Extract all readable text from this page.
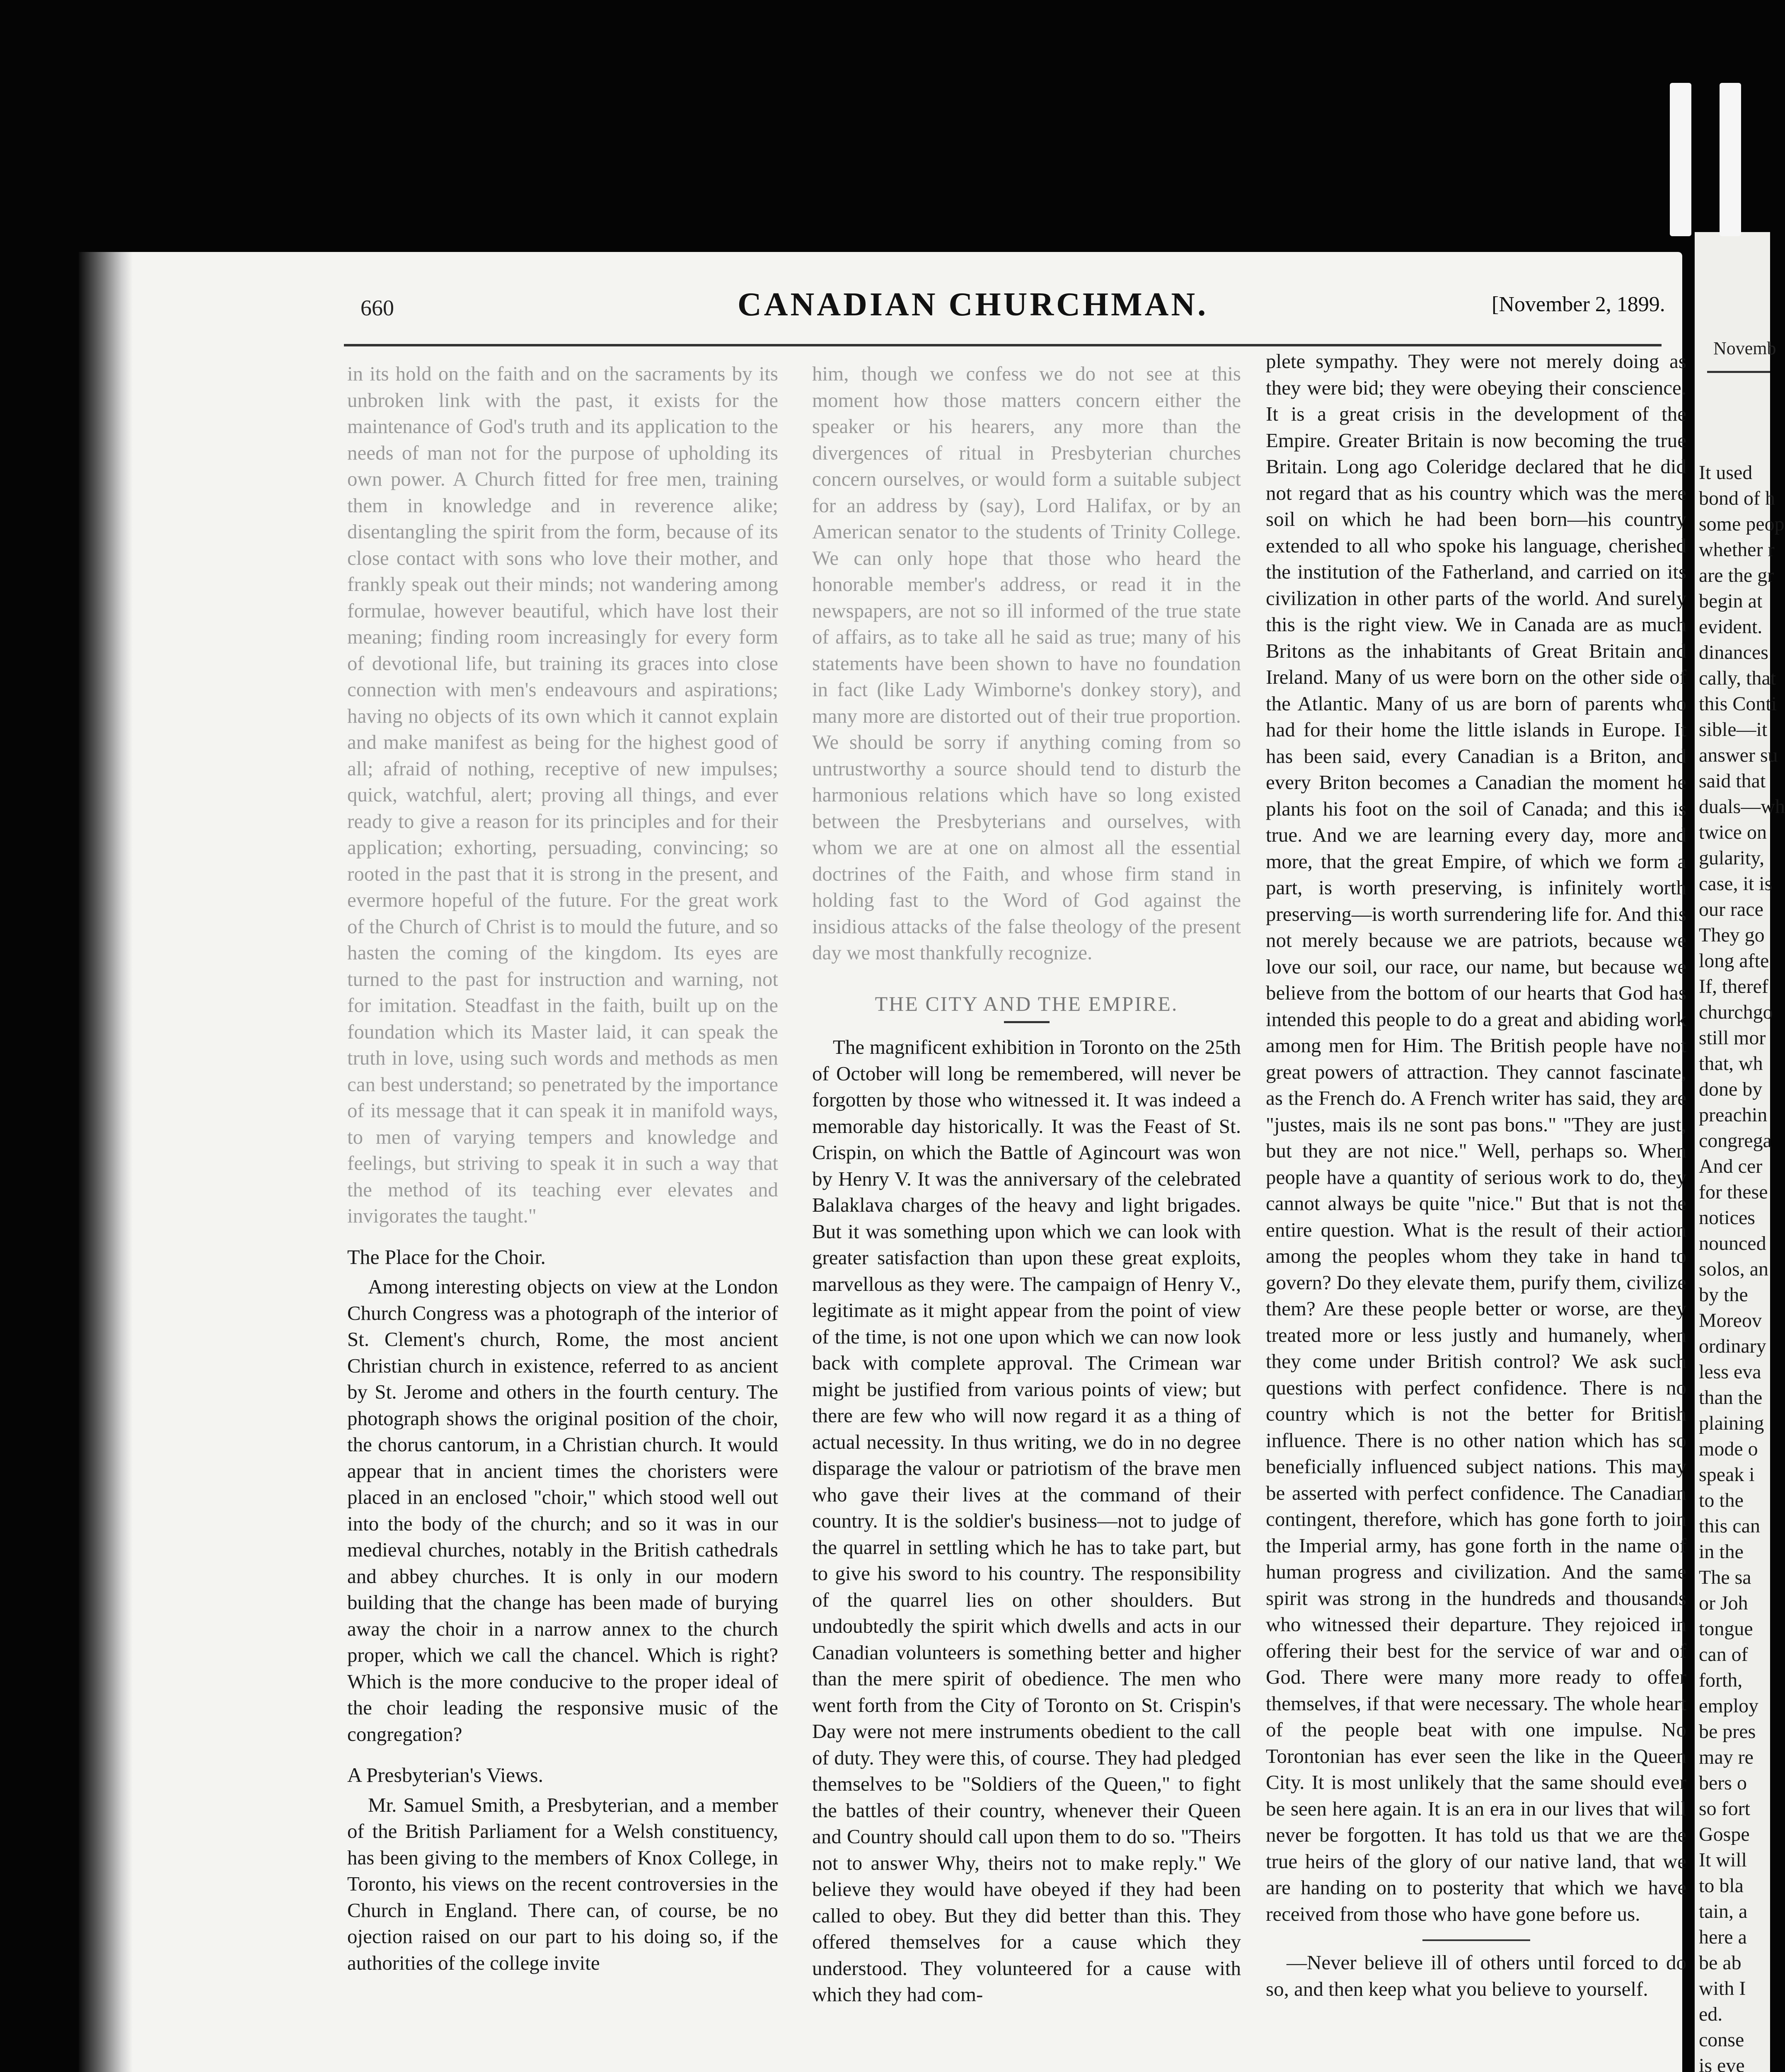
660	CANADIAN CHURCHMAN.	[November 2, 1899.

in its hold on the faith and on the sacraments by its unbroken link with the past, it exists for the maintenance of God's truth and its application to the needs of man not for the purpose of upholding its own power. A Church fitted for free men, training them in knowledge and in reverence alike; disentangling the spirit from the form, because of its close contact with sons who love their mother, and frankly speak out their minds; not wandering among formulae, however beautiful, which have lost their meaning; finding room increasingly for every form of devotional life, but training its graces into close connection with men's endeavours and aspirations; having no objects of its own which it cannot explain and make manifest as being for the highest good of all; afraid of nothing, receptive of new impulses; quick, watchful, alert; proving all things, and ever ready to give a reason for its principles and for their application; exhorting, persuading, convincing; so rooted in the past that it is strong in the present, and evermore hopeful of the future. For the great work of the Church of Christ is to mould the future, and so hasten the coming of the kingdom. Its eyes are turned to the past for instruction and warning, not for imitation. Steadfast in the faith, built up on the foundation which its Master laid, it can speak the truth in love, using such words and methods as men can best understand; so penetrated by the importance of its message that it can speak it in manifold ways, to men of varying tempers and knowledge and feelings, but striving to speak it in such a way that the method of its teaching ever elevates and invigorates the taught."

The Place for the Choir.

Among interesting objects on view at the London Church Congress was a photograph of the interior of St. Clement's church, Rome, the most ancient Christian church in existence, referred to as ancient by St. Jerome and others in the fourth century. The photograph shows the original position of the choir, the chorus cantorum, in a Christian church. It would appear that in ancient times the choristers were placed in an enclosed "choir," which stood well out into the body of the church; and so it was in our medieval churches, notably in the British cathedrals and abbey churches. It is only in our modern building that the change has been made of burying away the choir in a narrow annex to the church proper, which we call the chancel. Which is right? Which is the more conducive to the proper ideal of the choir leading the responsive music of the congregation?

A Presbyterian's Views.

Mr. Samuel Smith, a Presbyterian, and a member of the British Parliament for a Welsh constituency, has been giving to the members of Knox College, in Toronto, his views on the recent controversies in the Church in England. There can, of course, be no ojection raised on our part to his doing so, if the authorities of the college invite

him, though we confess we do not see at this moment how those matters concern either the speaker or his hearers, any more than the divergences of ritual in Presbyterian churches concern ourselves, or would form a suitable subject for an address by (say), Lord Halifax, or by an American senator to the students of Trinity College. We can only hope that those who heard the honorable member's address, or read it in the newspapers, are not so ill informed of the true state of affairs, as to take all he said as true; many of his statements have been shown to have no foundation in fact (like Lady Wimborne's donkey story), and many more are distorted out of their true proportion. We should be sorry if anything coming from so untrustworthy a source should tend to disturb the harmonious relations which have so long existed between the Presbyterians and ourselves, with whom we are at one on almost all the essential doctrines of the Faith, and whose firm stand in holding fast to the Word of God against the insidious attacks of the false theology of the present day we most thankfully recognize.

THE CITY AND THE EMPIRE.

The magnificent exhibition in Toronto on the 25th of October will long be remembered, will never be forgotten by those who witnessed it. It was indeed a memorable day historically. It was the Feast of St. Crispin, on which the Battle of Agincourt was won by Henry V. It was the anniversary of the celebrated Balaklava charges of the heavy and light brigades. But it was something upon which we can look with greater satisfaction than upon these great exploits, marvellous as they were. The campaign of Henry V., legitimate as it might appear from the point of view of the time, is not one upon which we can now look back with complete approval. The Crimean war might be justified from various points of view; but there are few who will now regard it as a thing of actual necessity. In thus writing, we do in no degree disparage the valour or patriotism of the brave men who gave their lives at the command of their country. It is the soldier's business—not to judge of the quarrel in settling which he has to take part, but to give his sword to his country. The responsibility of the quarrel lies on other shoulders. But undoubtedly the spirit which dwells and acts in our Canadian volunteers is something better and higher than the mere spirit of obedience. The men who went forth from the City of Toronto on St. Crispin's Day were not mere instruments obedient to the call of duty. They were this, of course. They had pledged themselves to be "Soldiers of the Queen," to fight the battles of their country, whenever their Queen and Country should call upon them to do so. "Theirs not to answer Why, theirs not to make reply." We believe they would have obeyed if they had been called to obey. But they did better than this. They offered themselves for a cause which they understood. They volunteered for a cause with which they had com-

plete sympathy. They were not merely doing as they were bid; they were obeying their conscience. It is a great crisis in the development of the Empire. Greater Britain is now becoming the true Britain. Long ago Coleridge declared that he did not regard that as his country which was the mere soil on which he had been born—his country extended to all who spoke his language, cherished the institution of the Fatherland, and carried on its civilization in other parts of the world. And surely this is the right view. We in Canada are as much Britons as the inhabitants of Great Britain and Ireland. Many of us were born on the other side of the Atlantic. Many of us are born of parents who had for their home the little islands in Europe. It has been said, every Canadian is a Briton, and every Briton becomes a Canadian the moment he plants his foot on the soil of Canada; and this is true. And we are learning every day, more and more, that the great Empire, of which we form a part, is worth preserving, is infinitely worth preserving—is worth surrendering life for. And this not merely because we are patriots, because we love our soil, our race, our name, but because we believe from the bottom of our hearts that God has intended this people to do a great and abiding work among men for Him. The British people have not great powers of attraction. They cannot fascinate, as the French do. A French writer has said, they are "justes, mais ils ne sont pas bons." "They are just, but they are not nice." Well, perhaps so. When people have a quantity of serious work to do, they cannot always be quite "nice." But that is not the entire question. What is the result of their action among the peoples whom they take in hand to govern? Do they elevate them, purify them, civilize them? Are these people better or worse, are they treated more or less justly and humanely, when they come under British control? We ask such questions with perfect confidence. There is no country which is not the better for British influence. There is no other nation which has so beneficially influenced subject nations. This may be asserted with perfect confidence. The Canadian contingent, therefore, which has gone forth to join the Imperial army, has gone forth in the name of human progress and civilization. And the same spirit was strong in the hundreds and thousands who witnessed their departure. They rejoiced in offering their best for the service of war and of God. There were many more ready to offer themselves, if that were necessary. The whole heart of the people beat with one impulse. No Torontonian has ever seen the like in the Queen City. It is most unlikely that the same should ever be seen here again. It is an era in our lives that will never be forgotten. It has told us that we are the true heirs of the glory of our native land, that we are handing on to posterity that which we have received from those who have gone before us.

—Never believe ill of others until forced to do so, and then keep what you believe to yourself.

Novemb
It used
bond of h
some peop
whether r
are the gr
begin at
evident.
dinances
cally, that
this Conti
sible—it
answer su
said that
duals—wh
twice on
gularity,
case, it is
our race
They go
long afte
If, theref
churchgo
still mor
that, wh
done by
preachin
congrega
And cer
for these
notices
nounced
solos, an
by the
Moreov
ordinary
less eva
than the
plaining
mode o
speak i
to the
this can
in the
The sa
or Joh
tongue
can of
forth,
employ
be pres
may re
bers o
so fort
Gospe
It will
to bla
tain, a
here a
be ab
with I
ed.
conse
is eve
